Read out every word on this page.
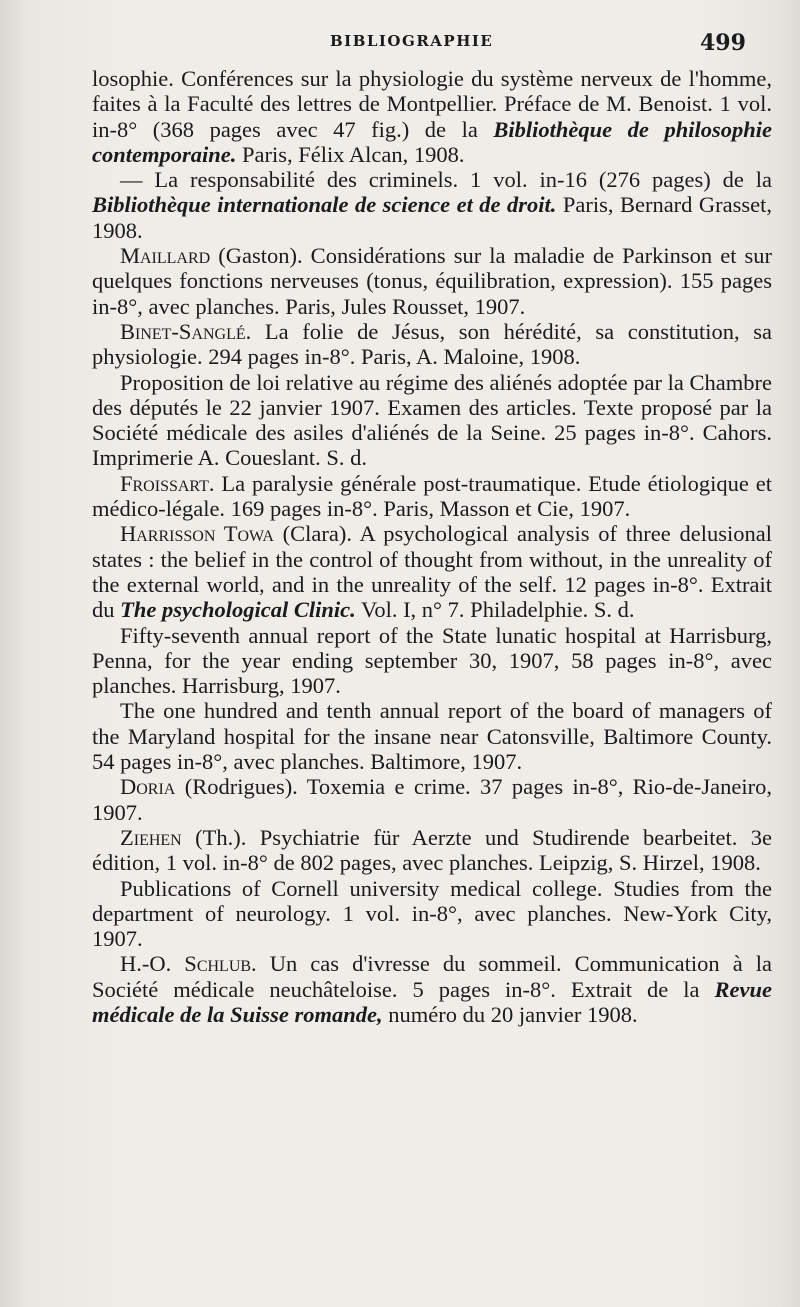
BIBLIOGRAPHIE	499

losophie. Conférences sur la physiologie du système nerveux de l'homme, faites à la Faculté des lettres de Montpellier. Préface de M. Benoist. 1 vol. in-8° (368 pages avec 47 fig.) de la Bibliothèque de philosophie contemporaine. Paris, Félix Alcan, 1908.

— La responsabilité des criminels. 1 vol. in-16 (276 pages) de la Bibliothèque internationale de science et de droit. Paris, Bernard Grasset, 1908.

Maillard (Gaston). Considérations sur la maladie de Parkinson et sur quelques fonctions nerveuses (tonus, équilibration, expression). 155 pages in-8°, avec planches. Paris, Jules Rousset, 1907.

Binet-Sanglé. La folie de Jésus, son hérédité, sa constitution, sa physiologie. 294 pages in-8°. Paris, A. Maloine, 1908.

Proposition de loi relative au régime des aliénés adoptée par la Chambre des députés le 22 janvier 1907. Examen des articles. Texte proposé par la Société médicale des asiles d'aliénés de la Seine. 25 pages in-8°. Cahors. Imprimerie A. Coueslant. S. d.

Froissart. La paralysie générale post-traumatique. Etude étiologique et médico-légale. 169 pages in-8°. Paris, Masson et Cie, 1907.

Harrisson Towa (Clara). A psychological analysis of three delusional states : the belief in the control of thought from without, in the unreality of the external world, and in the unreality of the self. 12 pages in-8°. Extrait du The psychological Clinic. Vol. I, n° 7. Philadelphie. S. d.

Fifty-seventh annual report of the State lunatic hospital at Harrisburg, Penna, for the year ending september 30, 1907, 58 pages in-8°, avec planches. Harrisburg, 1907.

The one hundred and tenth annual report of the board of managers of the Maryland hospital for the insane near Catonsville, Baltimore County. 54 pages in-8°, avec planches. Baltimore, 1907.

Doria (Rodrigues). Toxemia e crime. 37 pages in-8°, Rio-de-Janeiro, 1907.

Ziehen (Th.). Psychiatrie für Aerzte und Studirende bearbeitet. 3e édition, 1 vol. in-8° de 802 pages, avec planches. Leipzig, S. Hirzel, 1908.

Publications of Cornell university medical college. Studies from the department of neurology. 1 vol. in-8°, avec planches. New-York City, 1907.

H.-O. Schlub. Un cas d'ivresse du sommeil. Communication à la Société médicale neuchâteloise. 5 pages in-8°. Extrait de la Revue médicale de la Suisse romande, numéro du 20 janvier 1908.
